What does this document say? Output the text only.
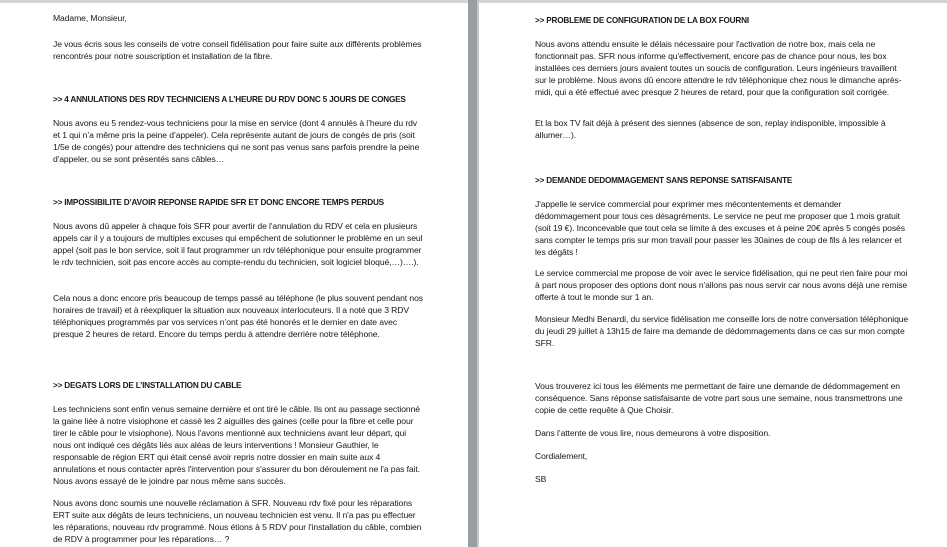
Madame, Monsieur,

Je vous écris sous les conseils de votre conseil fidélisation pour faire suite aux différents problèmes rencontrés pour notre souscription et installation de la fibre.

>> 4 ANNULATIONS DES RDV TECHNICIENS A L’HEURE DU RDV DONC 5 JOURS DE CONGES

Nous avons eu 5 rendez-vous techniciens pour la mise en service (dont 4 annulés à l’heure du rdv et 1 qui n’a même pris la peine d’appeler). Cela représente autant de jours de congés de pris (soit 1/5e de congés) pour attendre des techniciens qui ne sont pas venus sans parfois prendre la peine d'appeler, ou se sont présentés sans câbles…

>> IMPOSSIBILITE D’AVOIR REPONSE RAPIDE SFR ET DONC ENCORE TEMPS PERDUS

Nous avons dû appeler à chaque fois SFR pour avertir de l'annulation du RDV et cela en plusieurs appels car il y a toujours de multiples excuses qui empêchent de solutionner le problème en un seul appel (soit pas le bon service, soit il faut programmer un rdv téléphonique pour ensuite programmer le rdv technicien, soit pas encore accès au compte-rendu du technicien, soit logiciel bloqué,…)….).

Cela nous a donc encore pris beaucoup de temps passé au téléphone (le plus souvent pendant nos horaires de travail) et à réexpliquer la situation aux nouveaux interlocuteurs. Il a noté que 3 RDV téléphoniques programmés par vos services n’ont pas été honorés et le dernier en date avec presque 2 heures de retard. Encore du temps perdu à attendre derrière notre téléphone.

>> DEGATS LORS DE L’INSTALLATION DU CABLE

Les techniciens sont enfin venus semaine dernière et ont tiré le câble. Ils ont au passage sectionné la gaine liée à notre visiophone et cassé les 2 aiguilles des gaines (celle pour la fibre et celle pour tirer le câble pour le visiophone). Nous l'avons mentionné aux techniciens avant leur départ, qui nous ont indiqué ces dégâts liés aux aléas de leurs interventions ! Monsieur Gauthier, le responsable de région ERT qui était censé avoir repris notre dossier en main suite aux 4 annulations et nous contacter après l'intervention pour s'assurer du bon déroulement ne l'a pas fait. Nous avons essayé de le joindre par nous même sans succès.

Nous avons donc soumis une nouvelle réclamation à SFR. Nouveau rdv fixé pour les réparations ERT suite aux dégâts de leurs techniciens, un nouveau technicien est venu. Il n'a pas pu effectuer les réparations, nouveau rdv programmé. Nous étions à 5 RDV pour l'installation du câble, combien de RDV à programmer pour les réparations… ?

>> PROBLEME DE CONFIGURATION DE LA BOX FOURNI

Nous avons attendu ensuite le délais nécessaire pour l'activation de notre box, mais cela ne fonctionnait pas. SFR nous informe qu'effectivement, encore pas de chance pour nous, les box installées ces derniers jours avaient toutes un soucis de configuration. Leurs ingénieurs travaillent sur le problème. Nous avons dû encore attendre le rdv téléphonique chez nous le dimanche après-midi, qui a été effectué avec presque 2 heures de retard, pour que la configuration soit corrigée.

Et la box TV fait déjà à présent des siennes (absence de son, replay indisponible, impossible à allumer…).

>> DEMANDE DEDOMMAGEMENT SANS REPONSE SATISFAISANTE

J'appelle le service commercial pour exprimer mes mécontentements et demander dédommagement pour tous ces désagréments. Le service ne peut me proposer que 1 mois gratuit (soit 19 €). Inconcevable que tout cela se limite à des excuses et à peine 20€ après 5 congés posés sans compter le temps pris sur mon travail pour passer les 30aines de coup de fils à les relancer et les dégâts !

Le service commercial me propose de voir avec le service fidélisation, qui ne peut rien faire pour moi à part nous proposer des options dont nous n'allons pas nous servir car nous avons déjà une remise offerte à tout le monde sur 1 an.

Monsieur Medhi Benardi, du service fidélisation me conseille lors de notre conversation téléphonique du jeudi 29 juillet à 13h15 de faire ma demande de dédommagements dans ce cas sur mon compte SFR.

Vous trouverez ici tous les éléments me permettant de faire une demande de dédommagement en conséquence. Sans réponse satisfaisante de votre part sous une semaine, nous transmettrons une copie de cette requête à Que Choisir.

Dans l’attente de vous lire, nous demeurons à votre disposition.

Cordialement,

SB
